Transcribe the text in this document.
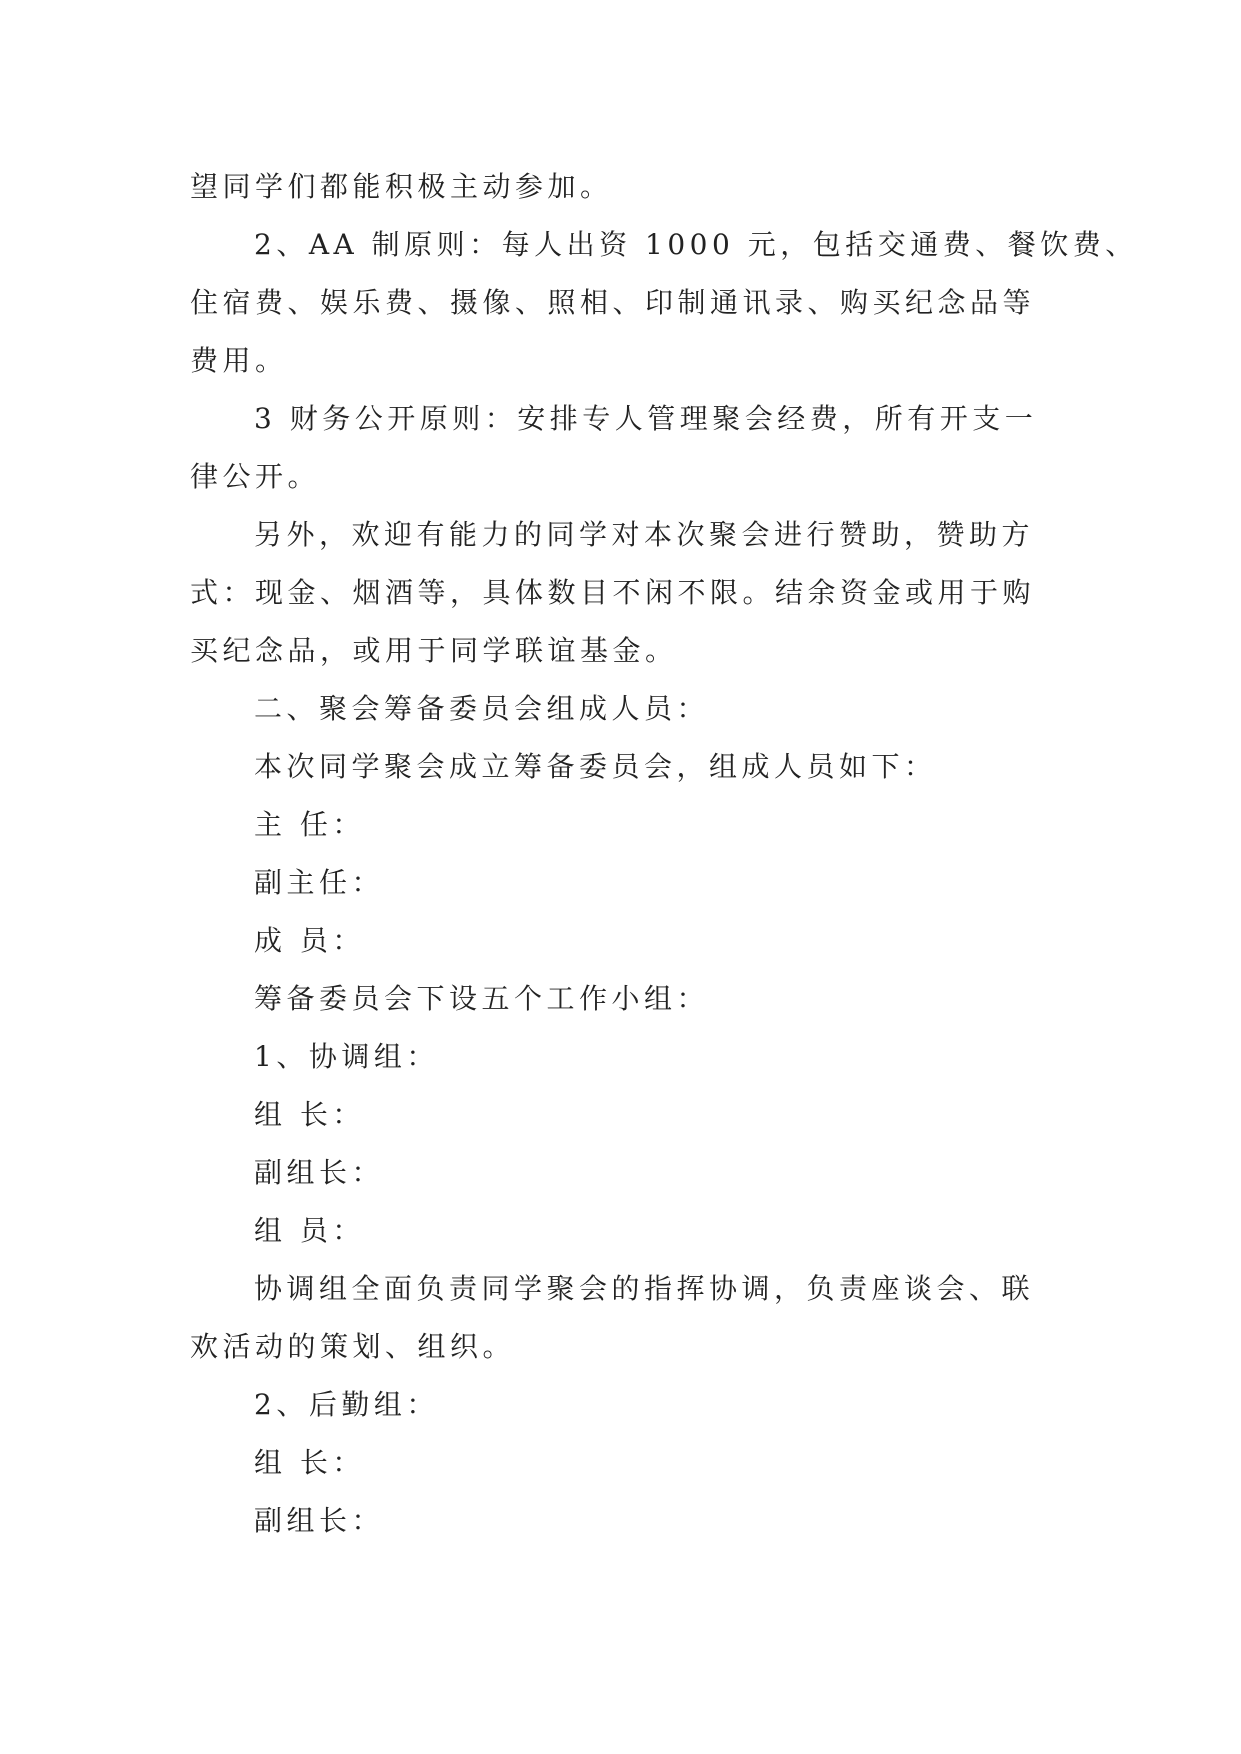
望同学们都能积极主动参加。

2、AA 制原则：每人出资 1000 元，包括交通费、餐饮费、

住宿费、娱乐费、摄像、照相、印制通讯录、购买纪念品等

费用。

3 财务公开原则：安排专人管理聚会经费，所有开支一

律公开。

另外，欢迎有能力的同学对本次聚会进行赞助，赞助方

式：现金、烟酒等，具体数目不闲不限。结余资金或用于购

买纪念品，或用于同学联谊基金。

二、聚会筹备委员会组成人员：

本次同学聚会成立筹备委员会，组成人员如下：

主 任：

副主任：

成 员：

筹备委员会下设五个工作小组：

1、协调组：

组 长：

副组长：

组 员：

协调组全面负责同学聚会的指挥协调，负责座谈会、联

欢活动的策划、组织。

2、后勤组：

组 长：

副组长：
